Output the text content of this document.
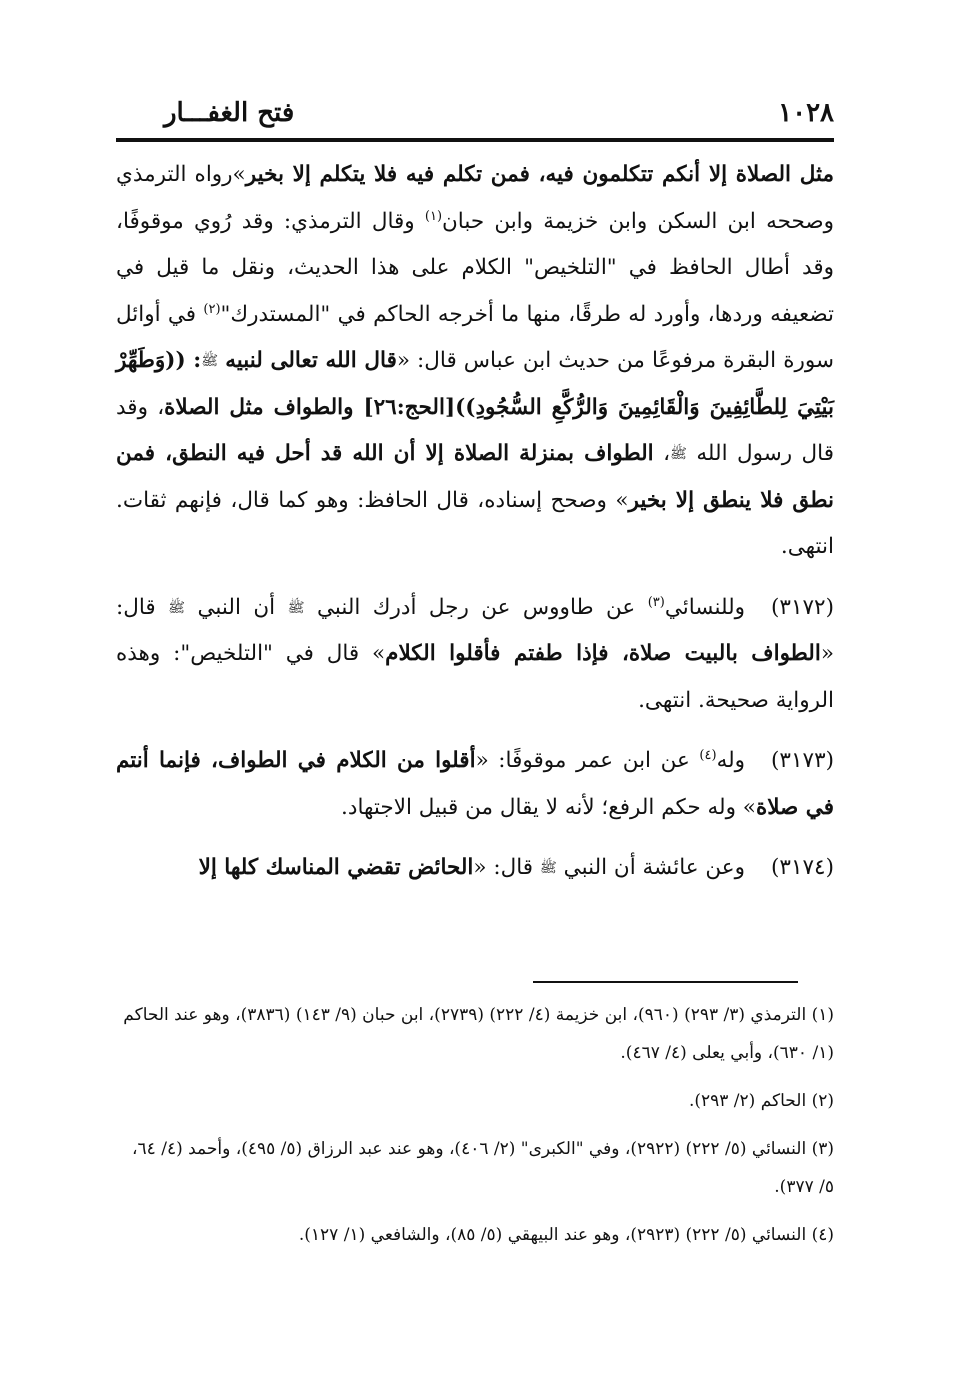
١٠٢٨
فتح الغفـــار

مثل الصلاة إلا أنكم تتكلمون فيه، فمن تكلم فيه فلا يتكلم إلا بخير»رواه الترمذي وصححه ابن السكن وابن خزيمة وابن حبان$^{(١)}$ وقال الترمذي: وقد رُوي موقوفًا، وقد أطال الحافظ في "التلخيص" الكلام على هذا الحديث، ونقل ما قيل في تضعيفه وردها، وأورد له طرقًا، منها ما أخرجه الحاكم في "المستدرك"$^{(٢)}$ في أوائل سورة البقرة مرفوعًا من حديث ابن عباس قال: «قال الله تعالى لنبيه $^ﷺ$: ((وَطَهِّرْ بَيْتِيَ لِلطَّائِفِينَ وَالْقَائِمِينَ وَالرُّكَّعِ السُّجُودِ))[الحج:٢٦] والطواف مثل الصلاة، وقد قال رسول الله $^ﷺ$، الطواف بمنزلة الصلاة إلا أن الله قد أحل فيه النطق، فمن نطق فلا ينطق إلا بخير» وصحح إسناده، قال الحافظ: وهو كما قال، فإنهم ثقات. انتهى.

(٣١٧٢)وللنسائي$^{(٣)}$ عن طاووس عن رجل أدرك النبي $^ﷺ$ أن النبي $^ﷺ$ قال: «الطواف بالبيت صلاة، فإذا طفتم فأقلوا الكلام» قال في "التلخيص": وهذه الرواية صحيحة. انتهى.

(٣١٧٣)وله$^{(٤)}$ عن ابن عمر موقوفًا: «أقلوا من الكلام في الطواف، فإنما أنتم في صلاة» وله حكم الرفع؛ لأنه لا يقال من قبيل الاجتهاد.

(٣١٧٤)وعن عائشة أن النبي $^ﷺ$ قال: «الحائض تقضي المناسك كلها إلا

(١) الترمذي (٣/ ٢٩٣) (٩٦٠)، ابن خزيمة (٤/ ٢٢٢) (٢٧٣٩)، ابن حبان (٩/ ١٤٣) (٣٨٣٦)، وهو عند الحاكم (١/ ٦٣٠)، وأبي يعلى (٤/ ٤٦٧).

(٢) الحاكم (٢/ ٢٩٣).

(٣) النسائي (٥/ ٢٢٢) (٢٩٢٢)، وفي "الكبرى" (٢/ ٤٠٦)، وهو عند عبد الرزاق (٥/ ٤٩٥)، وأحمد (٤/ ٦٤، ٥/ ٣٧٧).

(٤) النسائي (٥/ ٢٢٢) (٢٩٢٣)، وهو عند البيهقي (٥/ ٨٥)، والشافعي (١/ ١٢٧).
